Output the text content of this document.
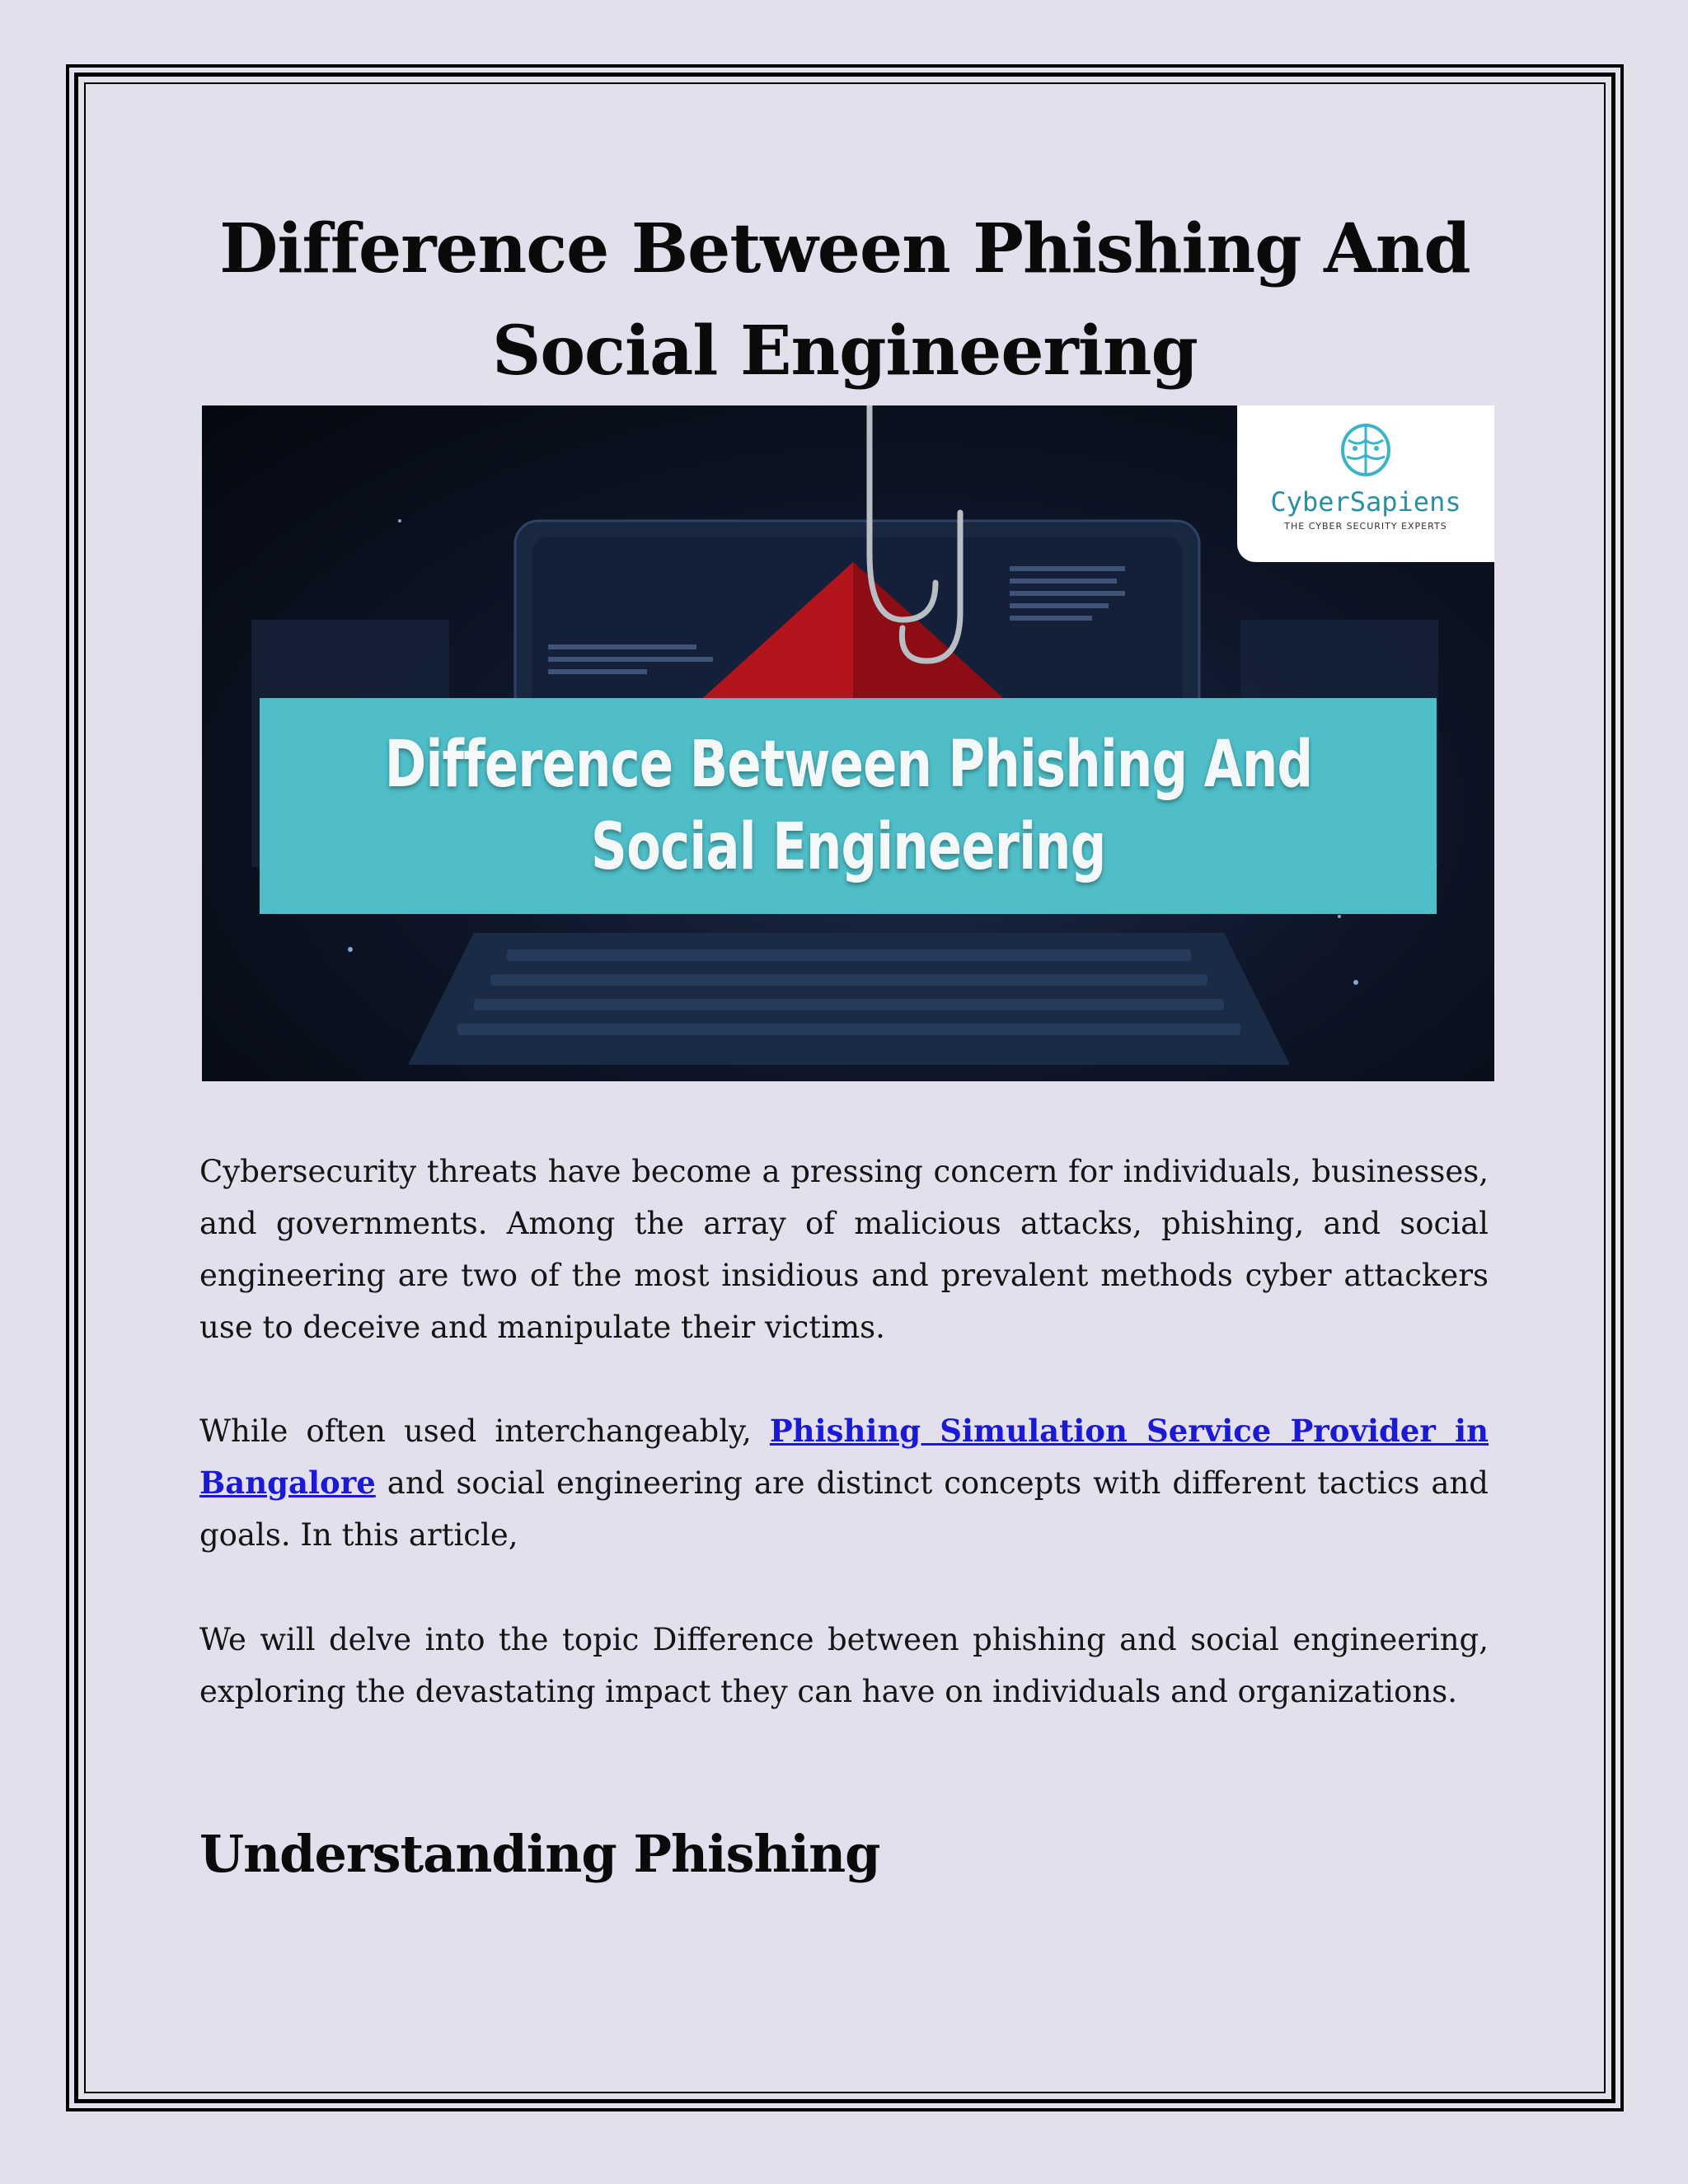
Difference Between Phishing And
Social Engineering
Difference Between Phishing And
Social Engineering
CyberSapiens
THE CYBER SECURITY EXPERTS

Cybersecurity threats have become a pressing concern for individuals, businesses, and governments. Among the array of malicious attacks, phishing, and social engineering are two of the most insidious and prevalent methods cyber attackers use to deceive and manipulate their victims.

While often used interchangeably, Phishing Simulation Service Provider in Bangalore and social engineering are distinct concepts with different tactics and goals. In this article,

We will delve into the topic Difference between phishing and social engineering, exploring the devastating impact they can have on individuals and organizations.

Understanding Phishing
